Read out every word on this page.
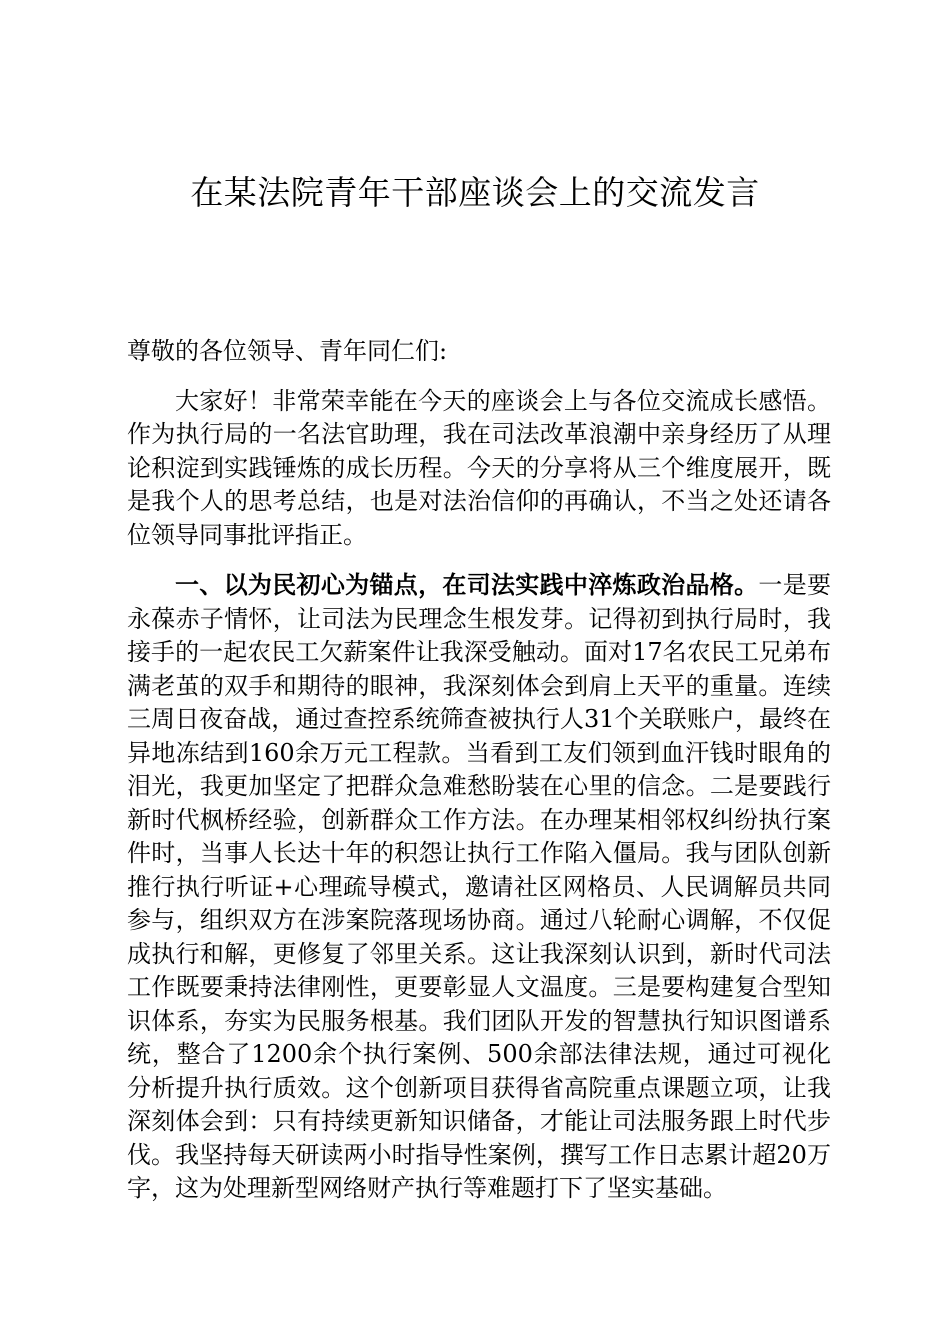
在某法院青年干部座谈会上的交流发言

尊敬的各位领导、青年同仁们:

大家好！非常荣幸能在今天的座谈会上与各位交流成长感悟。作为执行局的一名法官助理，我在司法改革浪潮中亲身经历了从理论积淀到实践锤炼的成长历程。今天的分享将从三个维度展开，既是我个人的思考总结，也是对法治信仰的再确认，不当之处还请各位领导同事批评指正。

一、以为民初心为锚点，在司法实践中淬炼政治品格。一是要永葆赤子情怀，让司法为民理念生根发芽。记得初到执行局时，我接手的一起农民工欠薪案件让我深受触动。面对17名农民工兄弟布满老茧的双手和期待的眼神，我深刻体会到肩上天平的重量。连续三周日夜奋战，通过查控系统筛查被执行人31个关联账户，最终在异地冻结到160余万元工程款。当看到工友们领到血汗钱时眼角的泪光，我更加坚定了把群众急难愁盼装在心里的信念。二是要践行新时代枫桥经验，创新群众工作方法。在办理某相邻权纠纷执行案件时，当事人长达十年的积怨让执行工作陷入僵局。我与团队创新推行执行听证+心理疏导模式，邀请社区网格员、人民调解员共同参与，组织双方在涉案院落现场协商。通过八轮耐心调解，不仅促成执行和解，更修复了邻里关系。这让我深刻认识到，新时代司法工作既要秉持法律刚性，更要彰显人文温度。三是要构建复合型知识体系，夯实为民服务根基。我们团队开发的智慧执行知识图谱系统，整合了1200余个执行案例、500余部法律法规，通过可视化分析提升执行质效。这个创新项目获得省高院重点课题立项，让我深刻体会到：只有持续更新知识储备，才能让司法服务跟上时代步伐。我坚持每天研读两小时指导性案例，撰写工作日志累计超20万字，这为处理新型网络财产执行等难题打下了坚实基础。
